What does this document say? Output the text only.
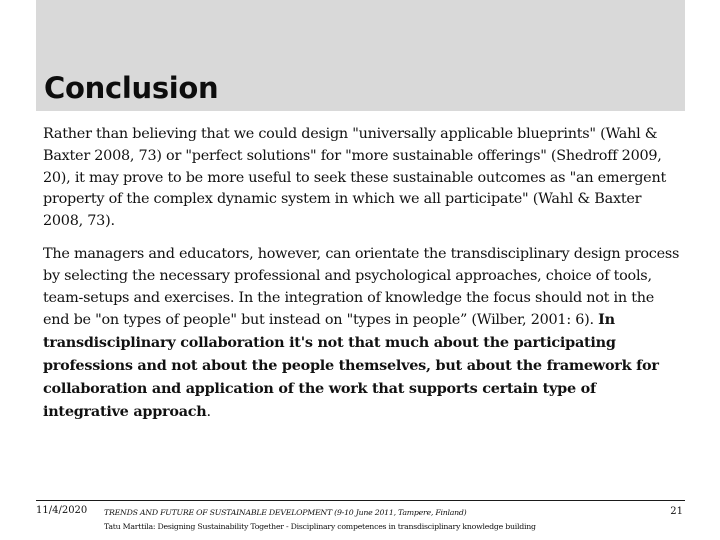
Conclusion

Rather than believing that we could design "universally applicable blueprints" (Wahl & Baxter 2008, 73) or "perfect solutions" for "more sustainable offerings" (Shedroff 2009, 20), it may prove to be more useful to seek these sustainable outcomes as "an emergent property of the complex dynamic system in which we all participate" (Wahl & Baxter 2008, 73).

The managers and educators, however, can orientate the transdisciplinary design process by selecting the necessary professional and psychological approaches, choice of tools, team-setups and exercises. In the integration of knowledge the focus should not in the end be "on types of people" but instead on "types in people” (Wilber, 2001: 6). In transdisciplinary collaboration it's not that much about the participating professions and not about the people themselves, but about the framework for collaboration and application of the work that supports certain type of integrative approach.

11/4/2020 TRENDS AND FUTURE OF SUSTAINABLE DEVELOPMENT (9-10 June 2011, Tampere, Finland)
Tatu Marttila: Designing Sustainability Together - Disciplinary competences in transdisciplinary knowledge building
21
